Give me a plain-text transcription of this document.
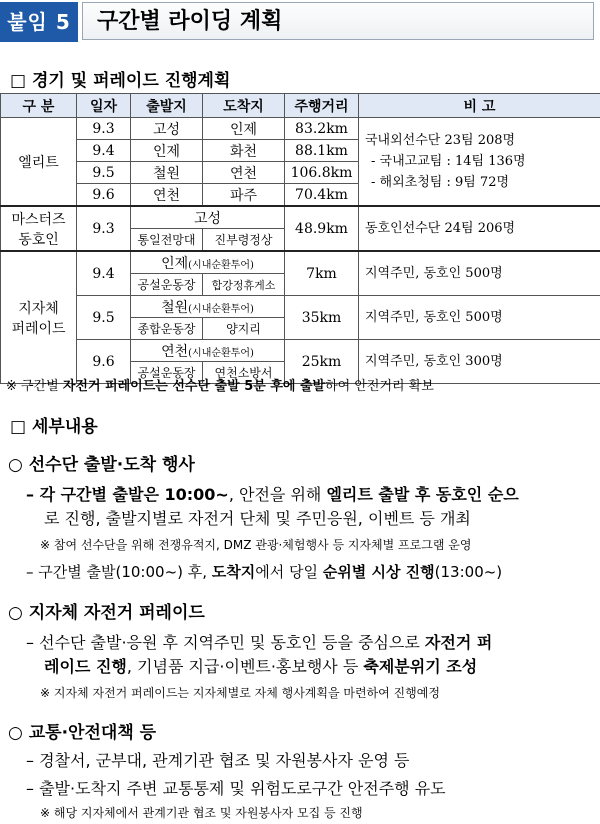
붙임 5	구간별 라이딩 계획
□ 경기 및 퍼레이드 진행계획
구 분	일자	출발지	도착지	주행거리	비 고
엘리트	9.3	고성	인제	83.2km	국내외선수단 23팀 208명
- 국내고교팀 : 14팀 136명
- 해외초청팀 : 9팀 72명

	9.4	인제	화천	88.1km	
	9.5	철원	연천	106.8km	
	9.6	연천	파주	70.4km	

마스터즈
동호인	9.3	고성		48.9km	동호인선수단 24팀 206명
		통일전망대	진부령정상		

지자체
퍼레이드	9.4	인제(시내순환투어)		7km	지역주민, 동호인 500명
		공설운동장	합강정휴게소		
	9.5	철원(시내순환투어)		35km	지역주민, 동호인 500명
		종합운동장	양지리		
	9.6	연천(시내순환투어)		25km	지역주민, 동호인 300명
		공설운동장	연천소방서		
※ 구간별 자전거 퍼레이드는 선수단 출발 5분 후에 출발하여 안전거리 확보
□ 세부내용
○ 선수단 출발·도착 행사
– 각 구간별 출발은 10:00~, 안전을 위해 엘리트 출발 후 동호인 순으
로 진행, 출발지별로 자전거 단체 및 주민응원, 이벤트 등 개최
※ 참여 선수단을 위해 전쟁유적지, DMZ 관광·체험행사 등 지자체별 프로그램 운영
– 구간별 출발(10:00~) 후, 도착지에서 당일 순위별 시상 진행(13:00~)
○ 지자체 자전거 퍼레이드
– 선수단 출발·응원 후 지역주민 및 동호인 등을 중심으로 자전거 퍼
레이드 진행, 기념품 지급·이벤트·홍보행사 등 축제분위기 조성
※ 지자체 자전거 퍼레이드는 지자체별로 자체 행사계획을 마련하여 진행예정
○ 교통·안전대책 등
– 경찰서, 군부대, 관계기관 협조 및 자원봉사자 운영 등
– 출발·도착지 주변 교통통제 및 위험도로구간 안전주행 유도
※ 해당 지자체에서 관계기관 협조 및 자원봉사자 모집 등 진행
